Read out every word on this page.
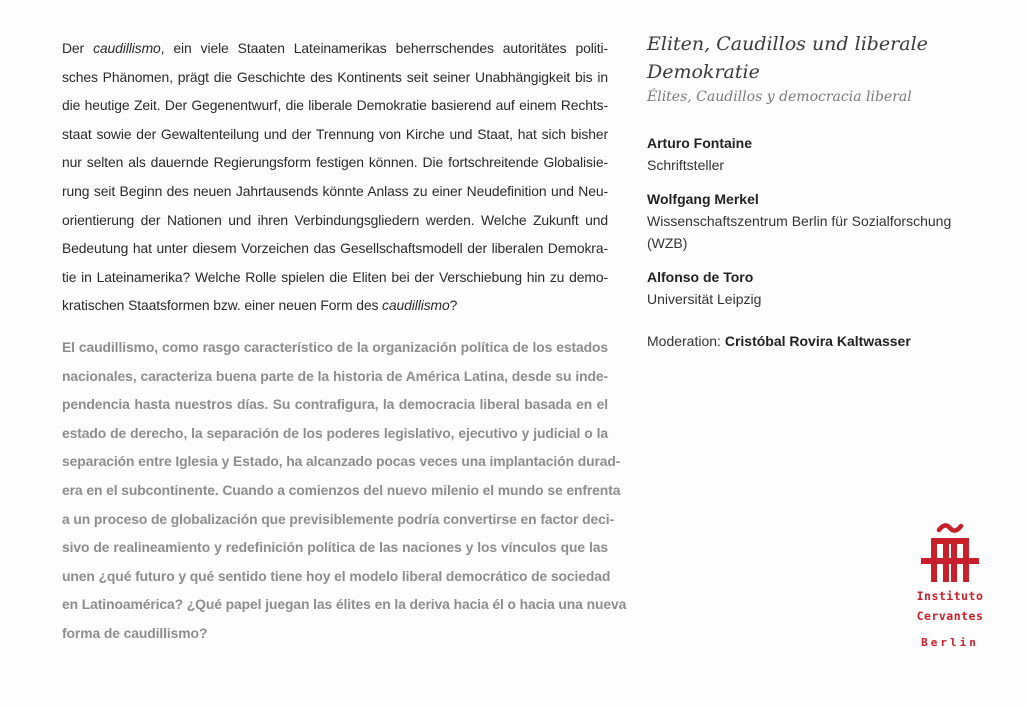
Der caudillismo, ein viele Staaten Lateinamerikas beherrschendes autoritätes politi-
sches Phänomen, prägt die Geschichte des Kontinents seit seiner Unabhängigkeit bis in
die heutige Zeit. Der Gegenentwurf, die liberale Demokratie basierend auf einem Rechts-
staat sowie der Gewaltenteilung und der Trennung von Kirche und Staat, hat sich bisher
nur selten als dauernde Regierungsform festigen können. Die fortschreitende Globalisie-
rung seit Beginn des neuen Jahrtausends könnte Anlass zu einer Neudefinition und Neu-
orientierung der Nationen und ihren Verbindungsgliedern werden. Welche Zukunft und
Bedeutung hat unter diesem Vorzeichen das Gesellschaftsmodell der liberalen Demokra-
tie in Lateinamerika? Welche Rolle spielen die Eliten bei der Verschiebung hin zu demo-
kratischen Staatsformen bzw. einer neuen Form des caudillismo?

El caudillismo, como rasgo característico de la organización política de los estados
nacionales, caracteriza buena parte de la historia de América Latina, desde su inde-
pendencia hasta nuestros días. Su contrafigura, la democracia liberal basada en el
estado de derecho, la separación de los poderes legislativo, ejecutivo y judicial o la
separación entre Iglesia y Estado, ha alcanzado pocas veces una implantación durad-
era en el subcontinente. Cuando a comienzos del nuevo milenio el mundo se enfrenta
a un proceso de globalización que previsiblemente podría convertirse en factor deci-
sivo de realineamiento y redefinición política de las naciones y los vínculos que las
unen ¿qué futuro y qué sentido tiene hoy el modelo liberal democrático de sociedad
en Latinoamérica? ¿Qué papel juegan las élites en la deriva hacia él o hacia una nueva
forma de caudillismo?

Eliten, Caudillos und liberale Demokratie

Élites, Caudillos y democracia liberal

Arturo Fontaine
Schriftsteller
Wolfgang Merkel
Wissenschaftszentrum Berlin für Sozialforschung (WZB)
Alfonso de Toro
Universität Leipzig
Moderation: Cristóbal Rovira Kaltwasser
Instituto
Cervantes
Berlin
